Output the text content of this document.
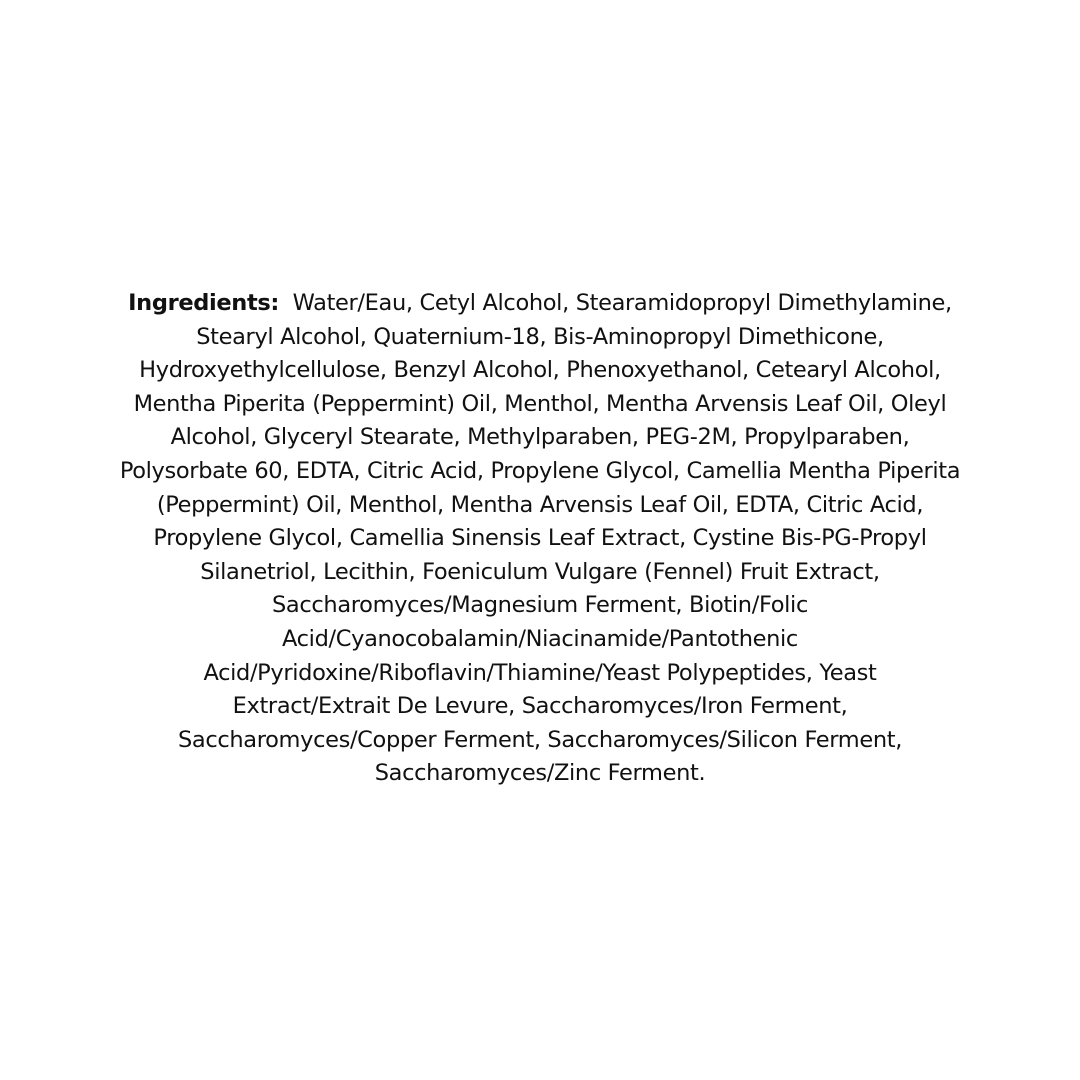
Ingredients: Water/Eau, Cetyl Alcohol, Stearamidopropyl Dimethylamine,
Stearyl Alcohol, Quaternium-18, Bis-Aminopropyl Dimethicone,
Hydroxyethylcellulose, Benzyl Alcohol, Phenoxyethanol, Cetearyl Alcohol,
Mentha Piperita (Peppermint) Oil, Menthol, Mentha Arvensis Leaf Oil, Oleyl
Alcohol, Glyceryl Stearate, Methylparaben, PEG-2M, Propylparaben,
Polysorbate 60, EDTA, Citric Acid, Propylene Glycol, Camellia Mentha Piperita
(Peppermint) Oil, Menthol, Mentha Arvensis Leaf Oil, EDTA, Citric Acid,
Propylene Glycol, Camellia Sinensis Leaf Extract, Cystine Bis-PG-Propyl
Silanetriol, Lecithin, Foeniculum Vulgare (Fennel) Fruit Extract,
Saccharomyces/Magnesium Ferment, Biotin/Folic
Acid/Cyanocobalamin/Niacinamide/Pantothenic
Acid/Pyridoxine/Riboflavin/Thiamine/Yeast Polypeptides, Yeast
Extract/Extrait De Levure, Saccharomyces/Iron Ferment,
Saccharomyces/Copper Ferment, Saccharomyces/Silicon Ferment,
Saccharomyces/Zinc Ferment.
